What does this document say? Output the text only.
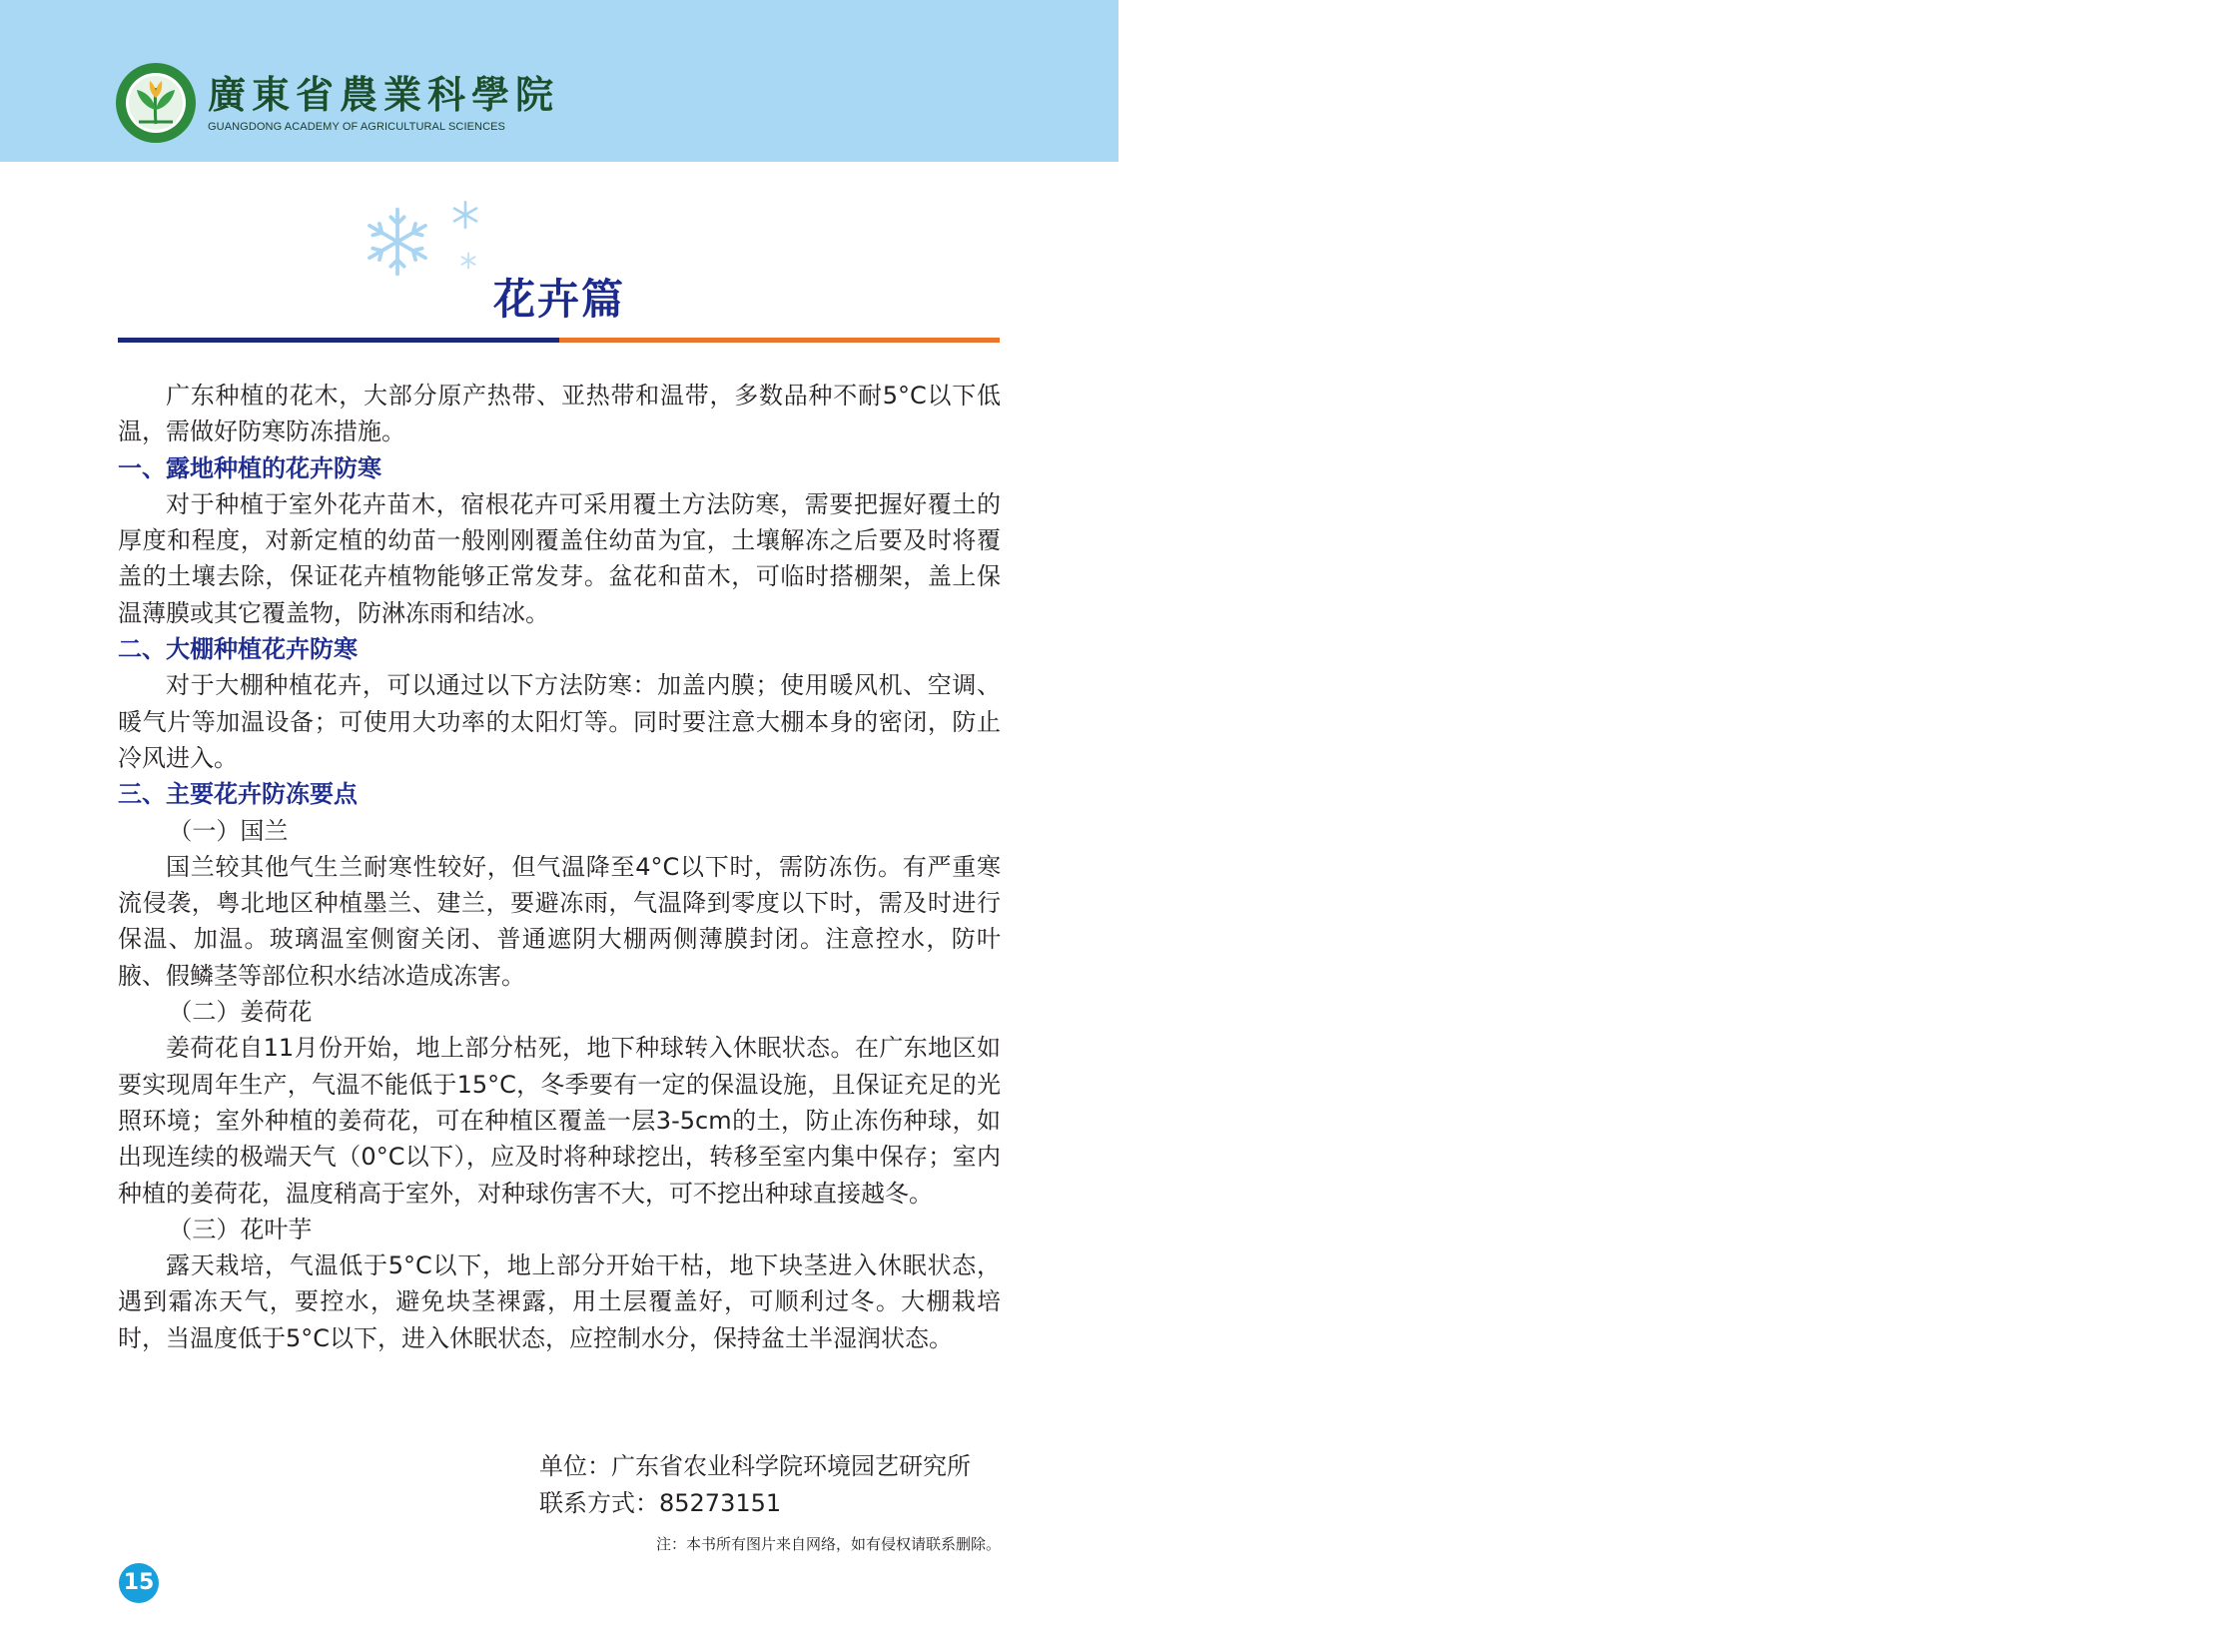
廣東省農業科學院
GUANGDONG ACADEMY OF AGRICULTURAL SCIENCES
花卉篇

广东种植的花木，大部分原产热带、亚热带和温带，多数品种不耐5°C以下低温，需做好防寒防冻措施。

一、露地种植的花卉防寒

对于种植于室外花卉苗木，宿根花卉可采用覆土方法防寒，需要把握好覆土的厚度和程度，对新定植的幼苗一般刚刚覆盖住幼苗为宜，土壤解冻之后要及时将覆盖的土壤去除，保证花卉植物能够正常发芽。盆花和苗木，可临时搭棚架，盖上保温薄膜或其它覆盖物，防淋冻雨和结冰。

二、大棚种植花卉防寒

对于大棚种植花卉，可以通过以下方法防寒：加盖内膜；使用暖风机、空调、暖气片等加温设备；可使用大功率的太阳灯等。同时要注意大棚本身的密闭，防止冷风进入。

三、主要花卉防冻要点

（一）国兰

国兰较其他气生兰耐寒性较好，但气温降至4°C以下时，需防冻伤。有严重寒流侵袭，粤北地区种植墨兰、建兰，要避冻雨，气温降到零度以下时，需及时进行保温、加温。玻璃温室侧窗关闭、普通遮阴大棚两侧薄膜封闭。注意控水，防叶腋、假鳞茎等部位积水结冰造成冻害。

（二）姜荷花

姜荷花自11月份开始，地上部分枯死，地下种球转入休眠状态。在广东地区如要实现周年生产，气温不能低于15°C，冬季要有一定的保温设施，且保证充足的光照环境；室外种植的姜荷花，可在种植区覆盖一层3-5cm的土，防止冻伤种球，如出现连续的极端天气（0°C以下），应及时将种球挖出，转移至室内集中保存；室内种植的姜荷花，温度稍高于室外，对种球伤害不大，可不挖出种球直接越冬。

（三）花叶芋

露天栽培，气温低于5°C以下，地上部分开始干枯，地下块茎进入休眠状态，遇到霜冻天气，要控水，避免块茎裸露，用土层覆盖好，可顺利过冬。大棚栽培时，当温度低于5°C以下，进入休眠状态，应控制水分，保持盆土半湿润状态。

单位：广东省农业科学院环境园艺研究所
联系方式：85273151
注：本书所有图片来自网络，如有侵权请联系删除。
15
